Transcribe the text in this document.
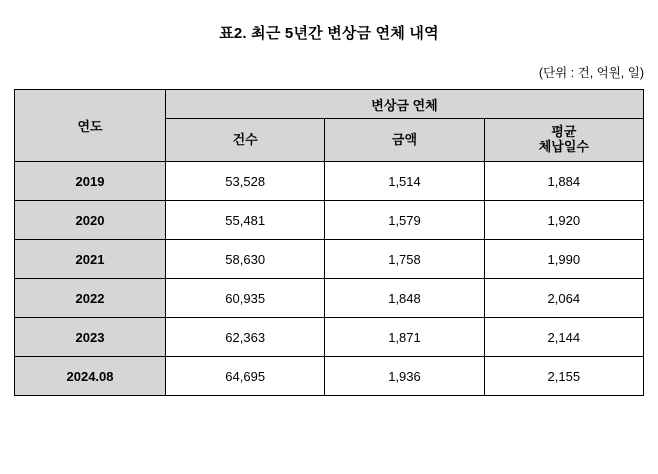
표2. 최근 5년간 변상금 연체 내역
(단위 : 건, 억원, 일)
연도	변상금 연체		
	건수	금액	평균
체납일수

2019	53,528	1,514	1,884
2020	55,481	1,579	1,920
2021	58,630	1,758	1,990
2022	60,935	1,848	2,064
2023	62,363	1,871	2,144
2024.08	64,695	1,936	2,155
